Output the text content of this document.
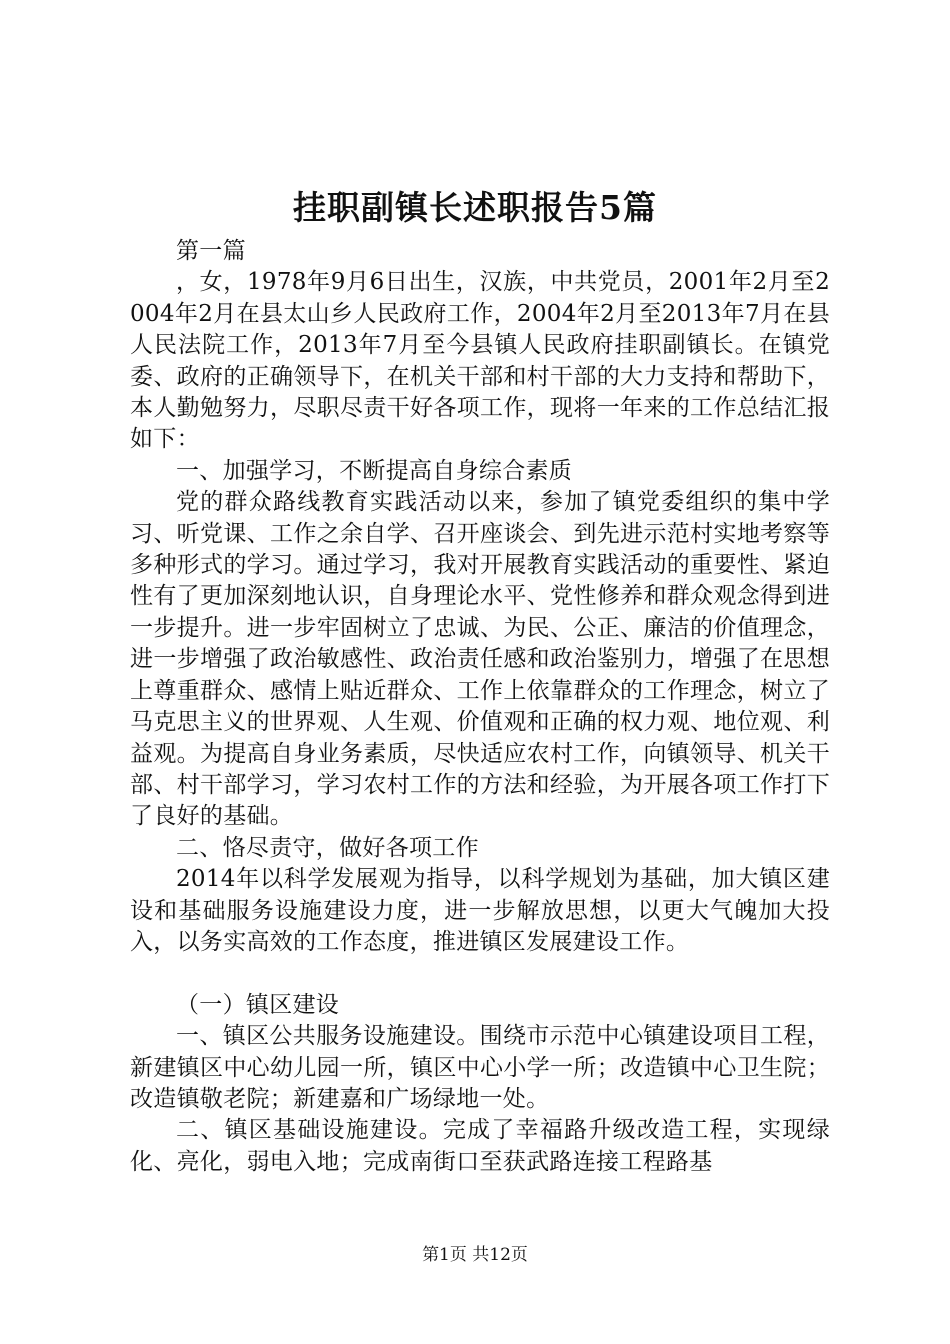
挂职副镇长述职报告5篇

第一篇

，女，1978年9月6日出生，汉族，中共党员，2001年2月至2004年2月在县太山乡人民政府工作，2004年2月至2013年7月在县人民法院工作，2013年7月至今县镇人民政府挂职副镇长。在镇党委、政府的正确领导下，在机关干部和村干部的大力支持和帮助下，本人勤勉努力，尽职尽责干好各项工作，现将一年来的工作总结汇报如下：

一、加强学习，不断提高自身综合素质

党的群众路线教育实践活动以来，参加了镇党委组织的集中学习、听党课、工作之余自学、召开座谈会、到先进示范村实地考察等多种形式的学习。通过学习，我对开展教育实践活动的重要性、紧迫性有了更加深刻地认识，自身理论水平、党性修养和群众观念得到进一步提升。进一步牢固树立了忠诚、为民、公正、廉洁的价值理念，进一步增强了政治敏感性、政治责任感和政治鉴别力，增强了在思想上尊重群众、感情上贴近群众、工作上依靠群众的工作理念，树立了马克思主义的世界观、人生观、价值观和正确的权力观、地位观、利益观。为提高自身业务素质，尽快适应农村工作，向镇领导、机关干部、村干部学习，学习农村工作的方法和经验，为开展各项工作打下了良好的基础。

二、恪尽责守，做好各项工作

2014年以科学发展观为指导，以科学规划为基础，加大镇区建设和基础服务设施建设力度，进一步解放思想，以更大气魄加大投入，以务实高效的工作态度，推进镇区发展建设工作。

（一）镇区建设

一、镇区公共服务设施建设。围绕市示范中心镇建设项目工程，新建镇区中心幼儿园一所，镇区中心小学一所；改造镇中心卫生院；改造镇敬老院；新建嘉和广场绿地一处。

二、镇区基础设施建设。完成了幸福路升级改造工程，实现绿化、亮化，弱电入地；完成南街口至获武路连接工程路基

第1页 共12页
